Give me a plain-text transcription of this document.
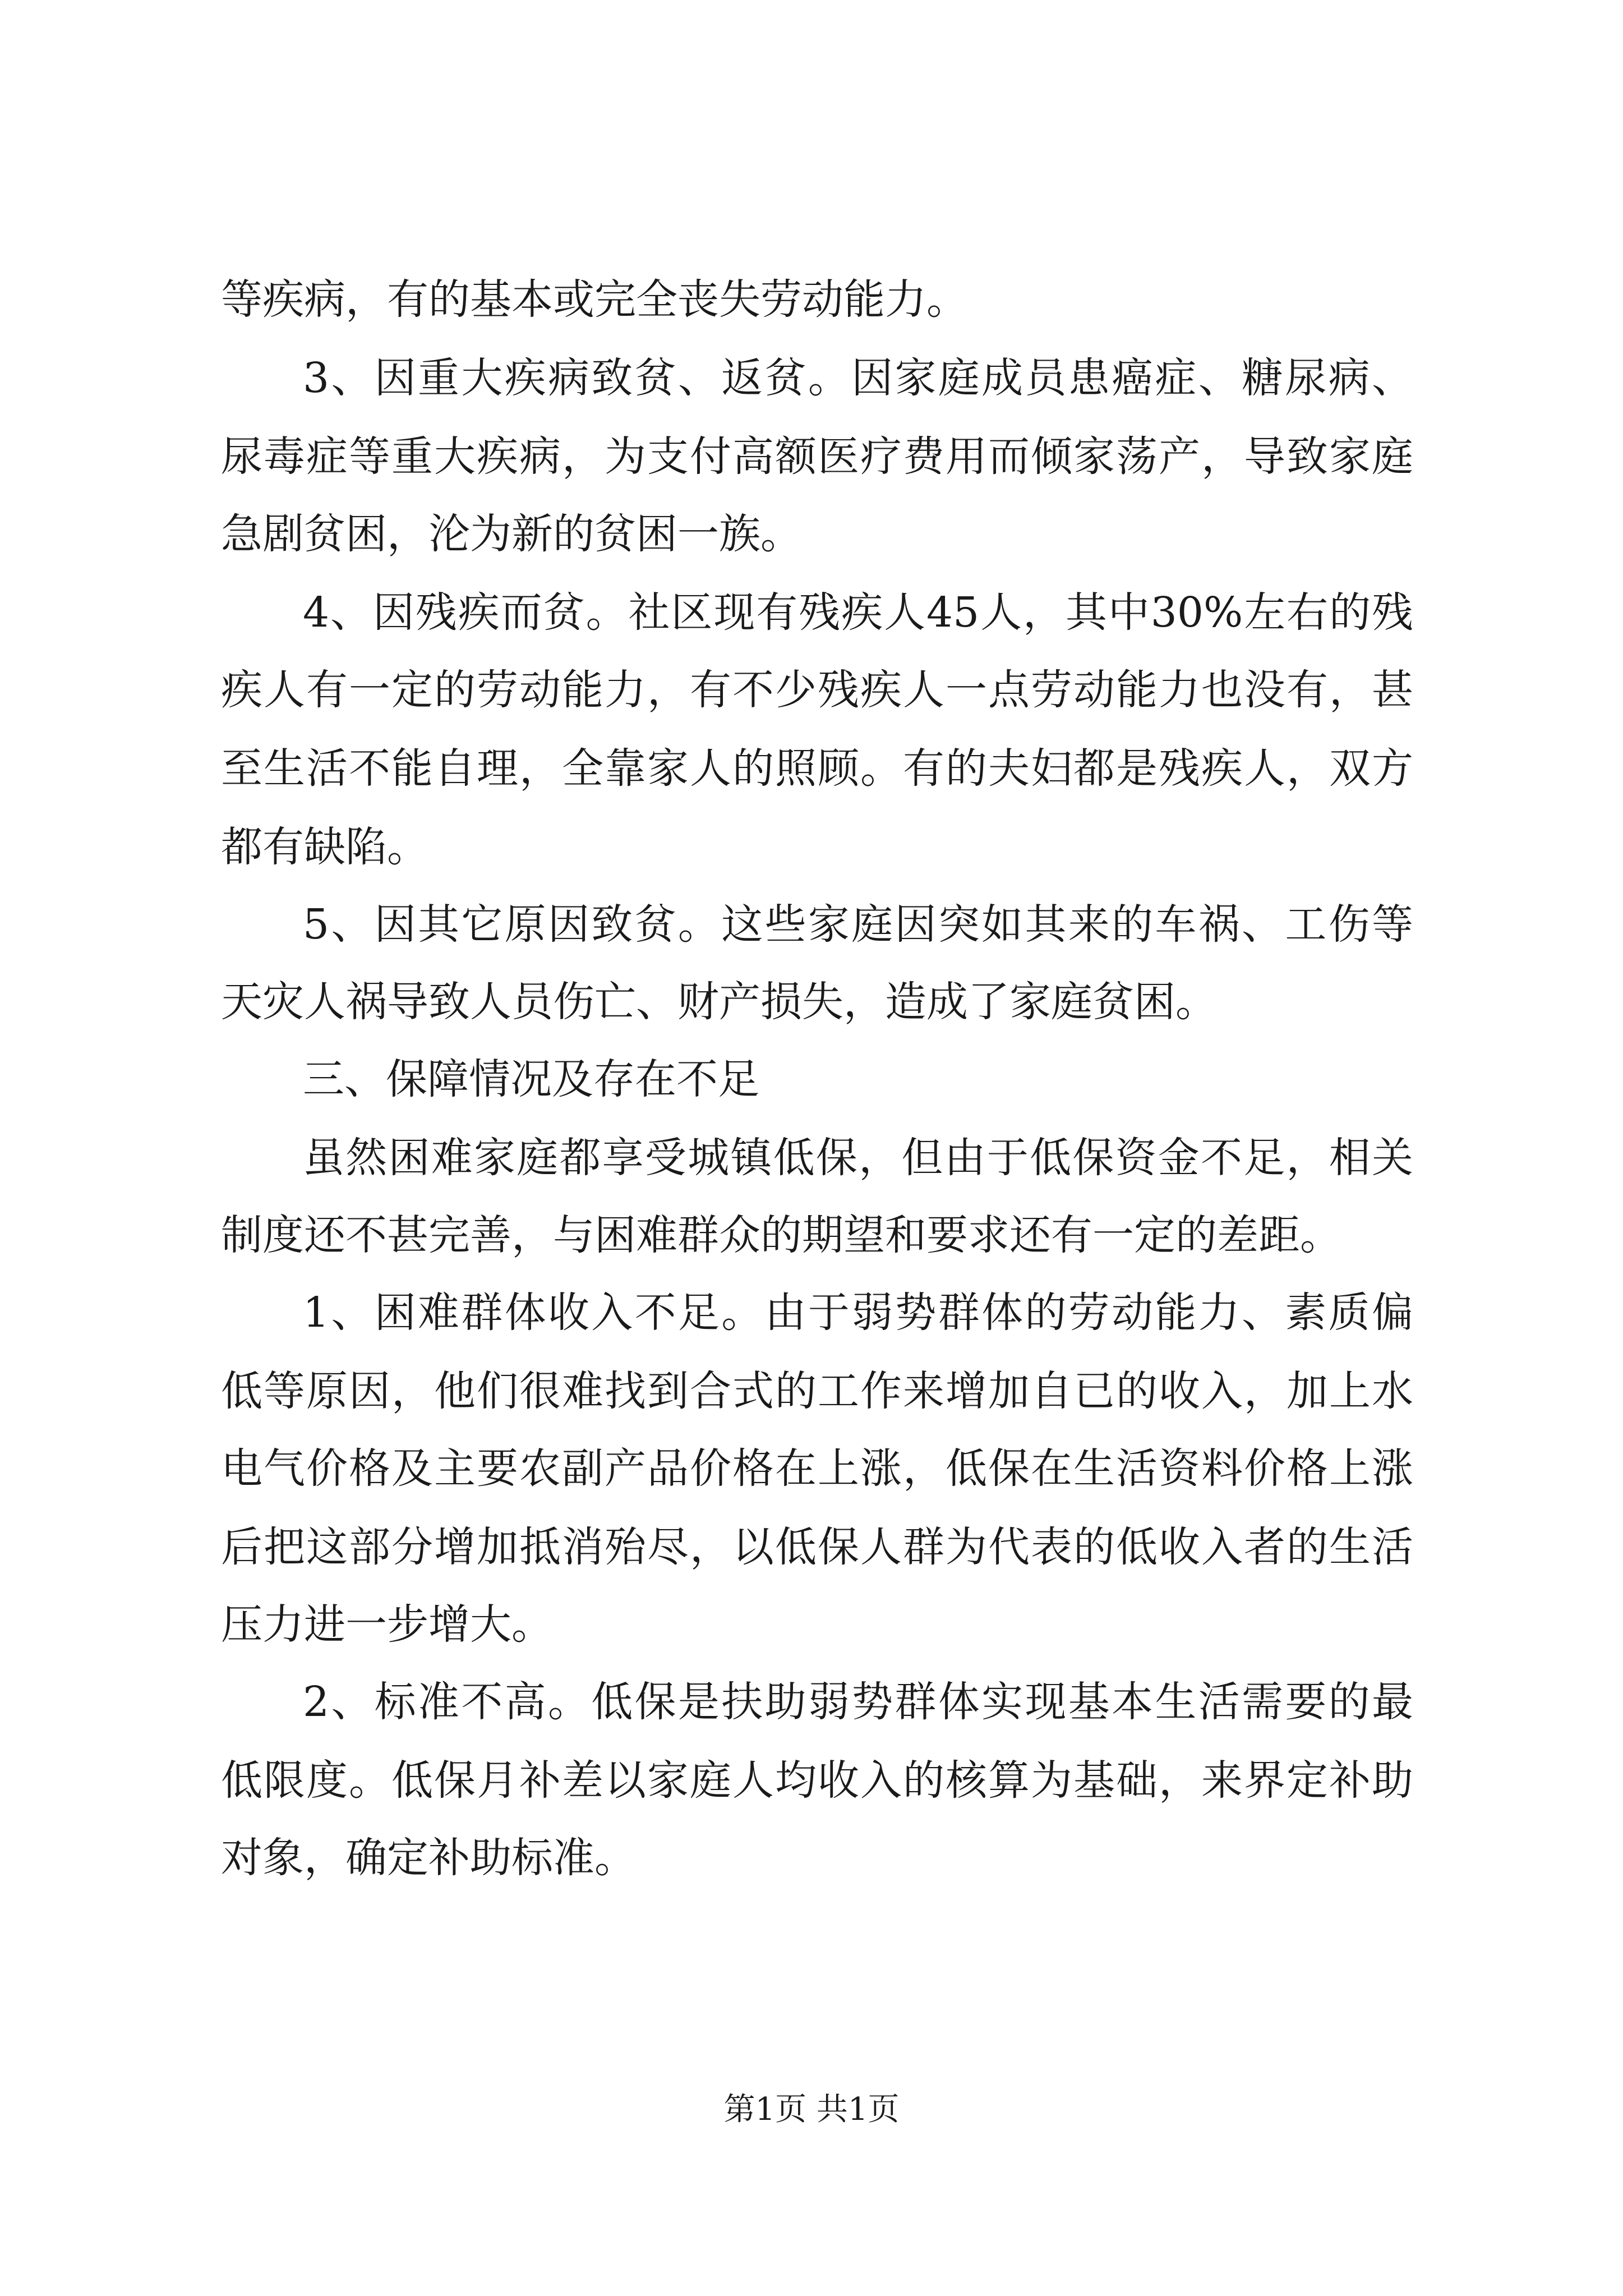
等疾病，有的基本或完全丧失劳动能力。
3、因重大疾病致贫、返贫。因家庭成员患癌症、糖尿病、
尿毒症等重大疾病，为支付高额医疗费用而倾家荡产，导致家庭
急剧贫困，沦为新的贫困一族。
4、因残疾而贫。社区现有残疾人45人，其中30%左右的残
疾人有一定的劳动能力，有不少残疾人一点劳动能力也没有，甚
至生活不能自理，全靠家人的照顾。有的夫妇都是残疾人，双方
都有缺陷。
5、因其它原因致贫。这些家庭因突如其来的车祸、工伤等
天灾人祸导致人员伤亡、财产损失，造成了家庭贫困。
三、保障情况及存在不足
虽然困难家庭都享受城镇低保，但由于低保资金不足，相关
制度还不甚完善，与困难群众的期望和要求还有一定的差距。
1、困难群体收入不足。由于弱势群体的劳动能力、素质偏
低等原因，他们很难找到合式的工作来增加自已的收入，加上水
电气价格及主要农副产品价格在上涨，低保在生活资料价格上涨
后把这部分增加抵消殆尽，以低保人群为代表的低收入者的生活
压力进一步增大。
2、标准不高。低保是扶助弱势群体实现基本生活需要的最
低限度。低保月补差以家庭人均收入的核算为基础，来界定补助
对象，确定补助标准。
第1页 共1页
